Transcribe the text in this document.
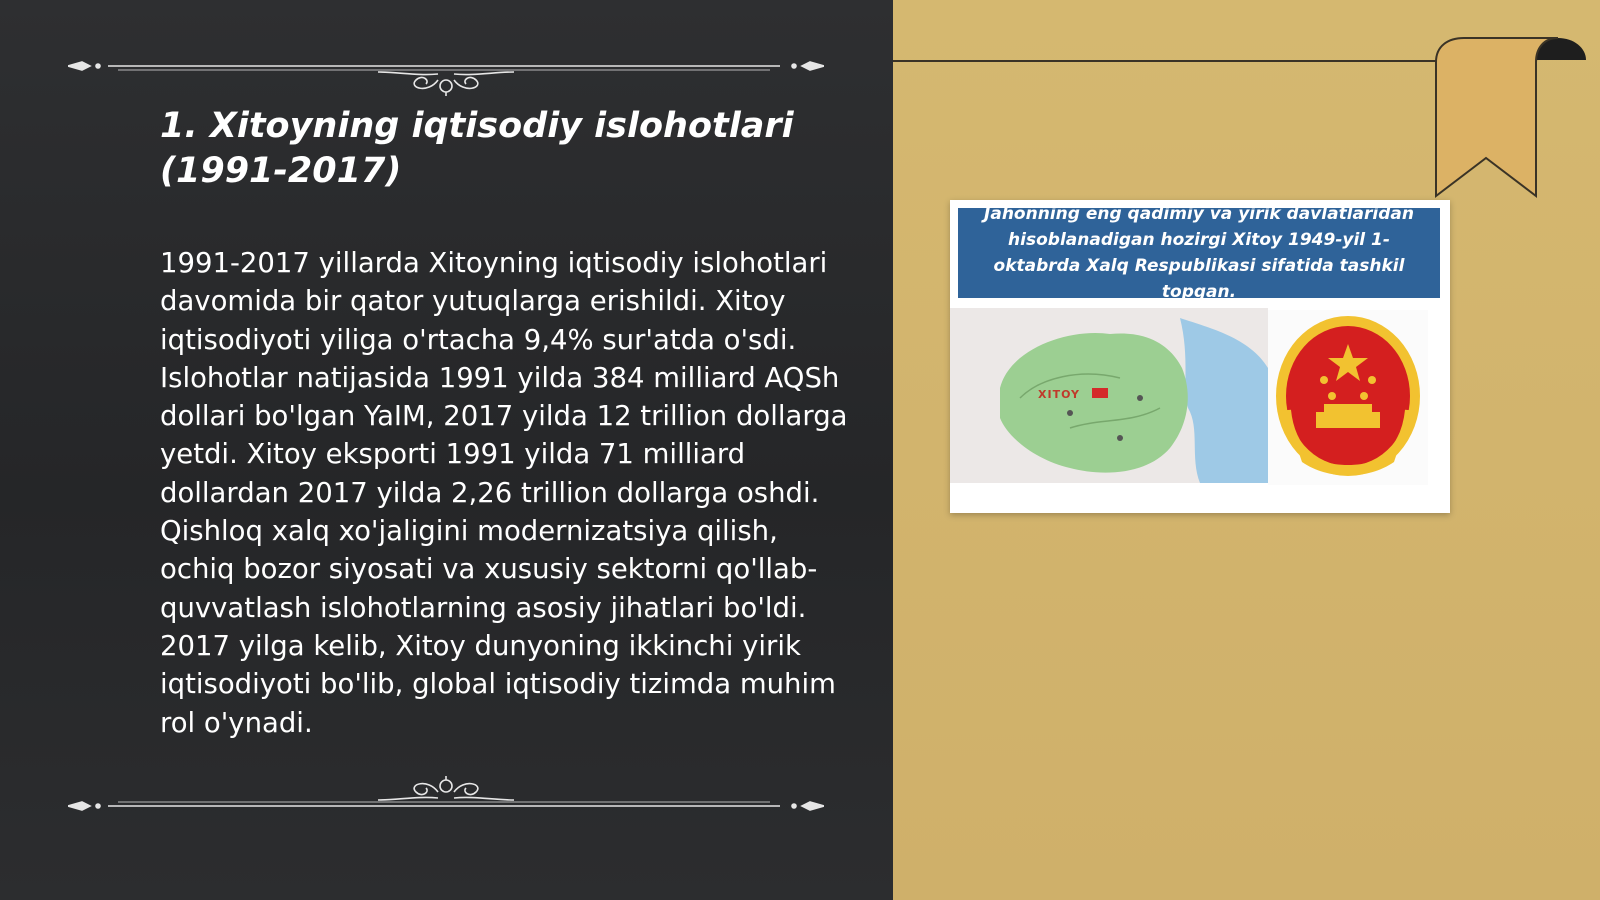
1. Xitoyning iqtisodiy islohotlari
(1991-2017)

1991-2017 yillarda Xitoyning iqtisodiy islohotlari davomida bir qator yutuqlarga erishildi. Xitoy iqtisodiyoti yiliga o'rtacha 9,4% sur'atda o'sdi. Islohotlar natijasida 1991 yilda 384 milliard AQSh dollari bo'lgan YaIM, 2017 yilda 12 trillion dollarga yetdi. Xitoy eksporti 1991 yilda 71 milliard dollardan 2017 yilda 2,26 trillion dollarga oshdi. Qishloq xalq xo'jaligini modernizatsiya qilish, ochiq bozor siyosati va xususiy sektorni qo'llab-quvvatlash islohotlarning asosiy jihatlari bo'ldi. 2017 yilga kelib, Xitoy dunyoning ikkinchi yirik iqtisodiyoti bo'lib, global iqtisodiy tizimda muhim rol o'ynadi.

Jahonning eng qadimiy va yirik davlatlaridan hisoblanadigan hozirgi Xitoy 1949-yil 1-oktabrda Xalq Respublikasi sifatida tashkil topgan.
XITOY
